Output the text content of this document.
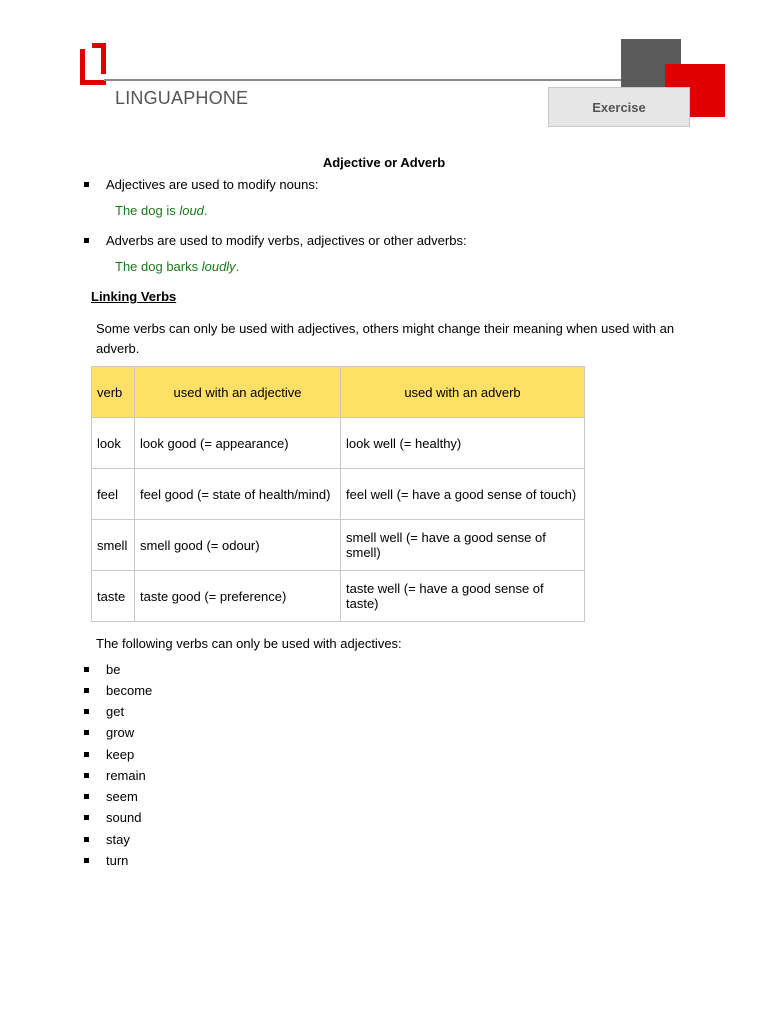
LINGUAPHONE	Exercise
Adjective or Adverb
Adjectives are used to modify nouns:
The dog is loud.
Adverbs are used to modify verbs, adjectives or other adverbs:
The dog barks loudly.
Linking Verbs
Some verbs can only be used with adjectives, others might change their meaning when used with an adverb.
verb	used with an adjective	used with an adverb
look	look good (= appearance)	look well (= healthy)
feel	feel good (= state of health/mind)	feel well (= have a good sense of touch)
smell	smell good (= odour)	smell well (= have a good sense of smell)
taste	taste good (= preference)	taste well (= have a good sense of taste)
The following verbs can only be used with adjectives:
be
become
get
grow
keep
remain
seem
sound
stay
turn
